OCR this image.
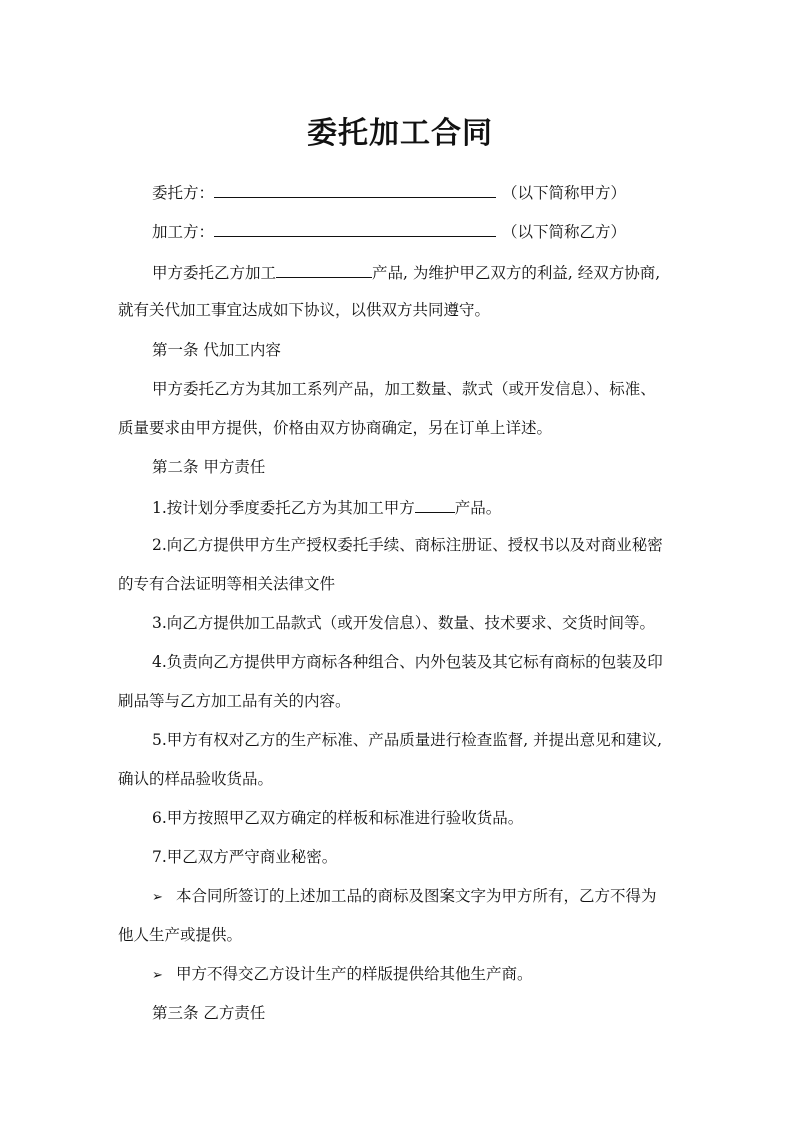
委托加工合同
委托方：	（以下简称甲方）
加工方：	（以下简称乙方）
甲方委托乙方加工	产品, 为维护甲乙双方的利益, 经双方协商,
就有关代加工事宜达成如下协议，以供双方共同遵守。
第一条 代加工内容
甲方委托乙方为其加工系列产品，加工数量、款式（或开发信息）、标准、
质量要求由甲方提供，价格由双方协商确定，另在订单上详述。
第二条 甲方责任
1.按计划分季度委托乙方为其加工甲方	产品。
2.向乙方提供甲方生产授权委托手续、商标注册证、授权书以及对商业秘密
的专有合法证明等相关法律文件
3.向乙方提供加工品款式（或开发信息）、数量、技术要求、交货时间等。
4.负责向乙方提供甲方商标各种组合、内外包装及其它标有商标的包装及印
刷品等与乙方加工品有关的内容。
5.甲方有权对乙方的生产标准、产品质量进行检查监督, 并提出意见和建议,
确认的样品验收货品。
6.甲方按照甲乙双方确定的样板和标准进行验收货品。
7.甲乙双方严守商业秘密。
➢ 本合同所签订的上述加工品的商标及图案文字为甲方所有，乙方不得为
他人生产或提供。
➢ 甲方不得交乙方设计生产的样版提供给其他生产商。
第三条 乙方责任
